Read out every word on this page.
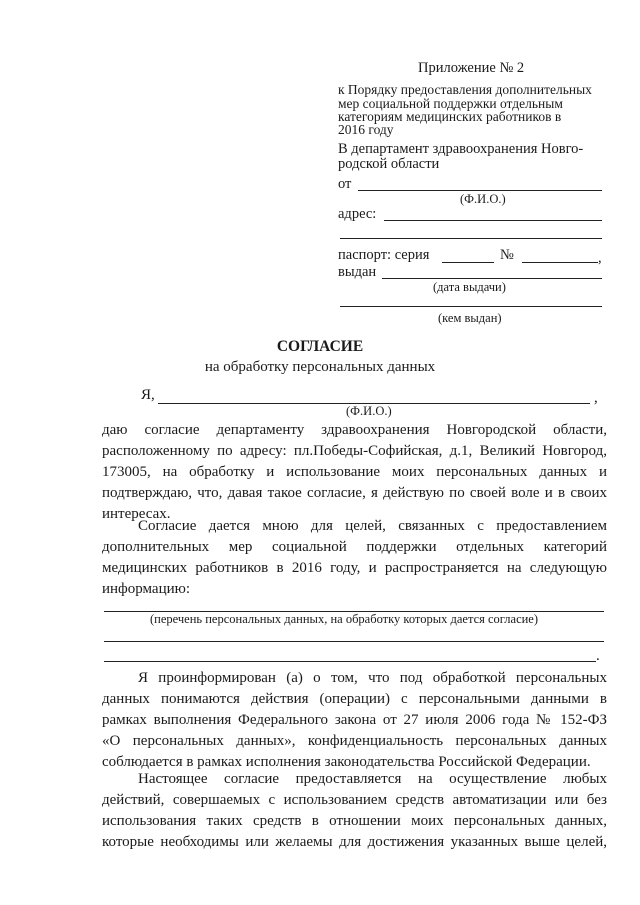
Приложение № 2
к Порядку предоставления дополнительных
мер социальной поддержки отдельным
категориям медицинских работников в
2016 году
В департамент здравоохранения Новго-
родской области
от
(Ф.И.О.)
адрес:
паспорт: серия	№	,
выдан
(дата выдачи)
(кем выдан)
СОГЛАСИЕ
на обработку персональных данных
Я,	,
(Ф.И.О.)
даю согласие департаменту здравоохранения Новгородской области,
расположенному по адресу: пл.Победы-Софийская, д.1, Великий Новгород,
173005, на обработку и использование моих персональных данных и
подтверждаю, что, давая такое согласие, я действую по своей воле и в своих
интересах.
Согласие дается мною для целей, связанных с предоставлением
дополнительных мер социальной поддержки отдельных категорий
медицинских работников в 2016 году, и распространяется на следующую
информацию:
(перечень персональных данных, на обработку которых дается согласие)
.
Я проинформирован (а) о том, что под обработкой персональных
данных понимаются действия (операции) с персональными данными в
рамках выполнения Федерального закона от 27 июля 2006 года № 152-ФЗ
«О персональных данных», конфиденциальность персональных данных
соблюдается в рамках исполнения законодательства Российской Федерации.
Настоящее согласие предоставляется на осуществление любых
действий, совершаемых с использованием средств автоматизации или без
использования таких средств в отношении моих персональных данных,
которые необходимы или желаемы для достижения указанных выше целей,
